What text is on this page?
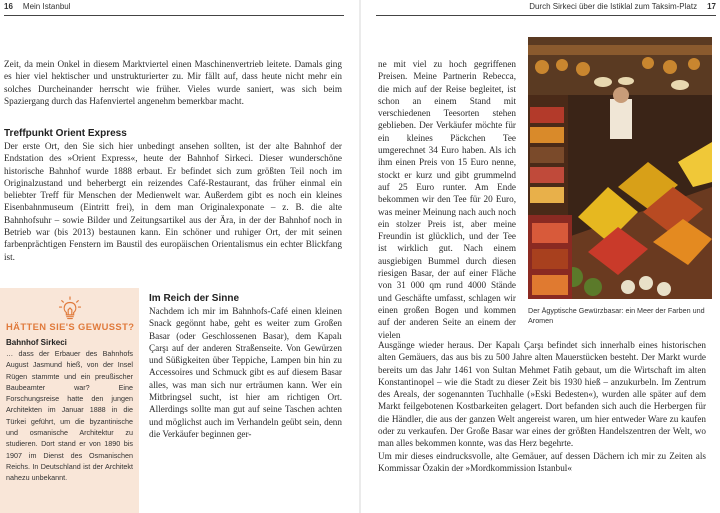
16 Mein Istanbul

Zeit, da mein Onkel in diesem Marktviertel einen Maschinenvertrieb leitete. Damals ging es hier viel hektischer und unstrukturierter zu. Mir fällt auf, dass heute nicht mehr ein solches Durcheinander herrscht wie früher. Vieles wurde saniert, was sich beim Spaziergang durch das Hafenviertel angenehm bemerkbar macht.

Treffpunkt Orient Express

Der erste Ort, den Sie sich hier unbedingt ansehen sollten, ist der alte Bahnhof der Endstation des »Orient Express«, heute der Bahnhof Sirkeci. Dieser wunderschöne historische Bahnhof wurde 1888 erbaut. Er befindet sich zum größten Teil noch im Originalzustand und beherbergt ein reizendes Café-Restaurant, das früher einmal ein beliebter Treff für Menschen der Medienwelt war. Außerdem gibt es noch ein kleines Eisenbahnmuseum (Eintritt frei), in dem man Originalexponate – z. B. die alte Bahnhofsuhr – sowie Bilder und Zeitungsartikel aus der Ära, in der der Bahnhof noch in Betrieb war (bis 2013) bestaunen kann. Ein schöner und ruhiger Ort, der mit seinen farbenprächtigen Fenstern im Baustil des europäischen Orientalismus ein echter Blickfang ist.

HÄTTEN SIE'S GEWUSST?
Bahnhof Sirkeci

… dass der Erbauer des Bahnhofs August Jasmund hieß, von der Insel Rügen stammte und ein preußischer Baubeamter war? Eine Forschungsreise hatte den jungen Architekten im Januar 1888 in die Türkei geführt, um die byzantinische und osmanische Architektur zu studieren. Dort stand er von 1890 bis 1907 im Dienst des Osmanischen Reichs. In Deutschland ist der Architekt nahezu unbekannt.

Im Reich der Sinne

Nachdem ich mir im Bahnhofs-Café einen kleinen Snack gegönnt habe, geht es weiter zum Großen Basar (oder Geschlossenen Basar), dem Kapalı Çarşı auf der anderen Straßenseite. Von Gewürzen und Süßigkeiten über Teppiche, Lampen bin hin zu Accessoires und Schmuck gibt es auf diesem Basar alles, was man sich nur erträumen kann. Wer ein Mitbringsel sucht, ist hier am richtigen Ort. Allerdings sollte man gut auf seine Taschen achten und möglichst auch im Verhandeln geübt sein, denn die Verkäufer beginnen ger-

Durch Sirkeci über die Istiklal zum Taksim-Platz 17

ne mit viel zu hoch gegriffenen Preisen. Meine Partnerin Rebecca, die mich auf der Reise begleitet, ist schon an einem Stand mit verschiedenen Teesorten stehen geblieben. Der Verkäufer möchte für ein kleines Päckchen Tee umgerechnet 34 Euro haben. Als ich ihm einen Preis von 15 Euro nenne, stockt er kurz und gibt grummelnd auf 25 Euro runter. Am Ende bekommen wir den Tee für 20 Euro, was meiner Meinung nach auch noch ein stolzer Preis ist, aber meine Freundin ist glücklich, und der Tee ist wirklich gut. Nach einem ausgiebigen Bummel durch diesen riesigen Basar, der auf einer Fläche von 31 000 qm rund 4000 Stände und Geschäfte umfasst, schlagen wir einen großen Bogen und kommen auf der anderen Seite an einem der vielen

Der Ägyptische Gewürzbasar: ein Meer der Farben und Aromen

Ausgänge wieder heraus. Der Kapalı Çarşı befindet sich innerhalb eines historischen alten Gemäuers, das aus bis zu 500 Jahre alten Mauerstücken besteht. Der Markt wurde bereits um das Jahr 1461 von Sultan Mehmet Fatih gebaut, um die Wirtschaft im alten Konstantinopel – wie die Stadt zu dieser Zeit bis 1930 hieß – anzukurbeln. Im Zentrum des Areals, der sogenannten Tuchhalle (»Eski Bedesten«), wurden alle später auf dem Markt feilgebotenen Kostbarkeiten gelagert. Dort befanden sich auch die Herbergen für die Händler, die aus der ganzen Welt angereist waren, um hier entweder Ware zu kaufen oder zu verkaufen. Der Große Basar war eines der größten Handelszentren der Welt, wo man alles bekommen konnte, was das Herz begehrte.
Um mir dieses eindrucksvolle, alte Gemäuer, auf dessen Dächern ich mir zu Zeiten als Kommissar Özakin der »Mordkommission Istanbul«
